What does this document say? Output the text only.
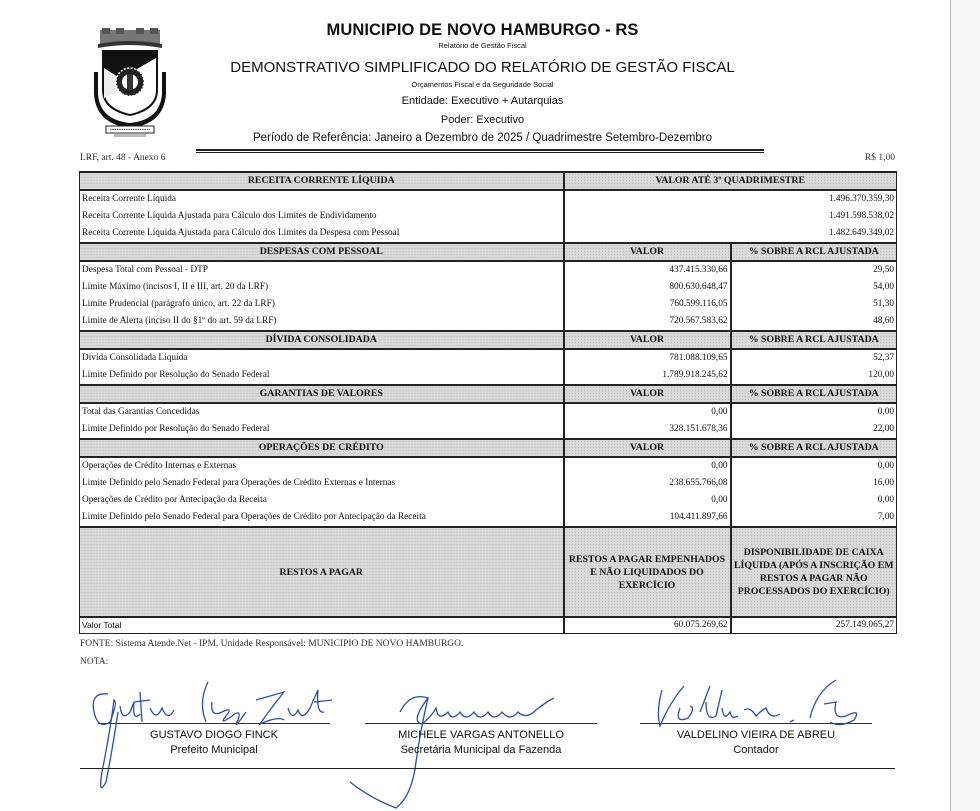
MUNICIPIO DE NOVO HAMBURGO - RS
Relatório de Gestão Fiscal
DEMONSTRATIVO SIMPLIFICADO DO RELATÓRIO DE GESTÃO FISCAL
Orçamentos Fiscal e da Seguridade Social
Entidade: Executivo + Autarquias
Poder: Executivo
Período de Referência: Janeiro a Dezembro de 2025 / Quadrimestre Setembro-Dezembro
LRF, art. 48 - Anexo 6	R$ 1,00
RECEITA CORRENTE LÍQUIDA	VALOR ATÉ 3º QUADRIMESTRE	
Receita Corrente Líquida	1.496.370.359,30	
Receita Corrente Líquida Ajustada para Cálculo dos Limites de Endividamento	1.491.598.538,02	
Receita Corrente Líquida Ajustada para Cálculo dos Limites da Despesa com Pessoal	1.482.649.349,02	
DESPESAS COM PESSOAL	VALOR	% SOBRE A RCL AJUSTADA
Despesa Total com Pessoal - DTP	437.415.330,66	29,50
Limite Máximo (incisos I, II e III, art. 20 da LRF)	800.630.648,47	54,00
Limite Prudencial (parágrafo único, art. 22 da LRF)	760.599.116,05	51,30
Limite de Alerta (inciso II do §1º do art. 59 da LRF)	720.567.583,62	48,60
DÍVIDA CONSOLIDADA	VALOR	% SOBRE A RCL AJUSTADA
Divida Consolidada Liquida	781.088.109,65	52,37
Limite Definido por Resolução do Senado Federal	1.789.918.245,62	120,00
GARANTIAS DE VALORES	VALOR	% SOBRE A RCL AJUSTADA
Total das Garantias Concedidas	0,00	0,00
Limite Definido por Resolução do Senado Federal	328.151.678,36	22,00
OPERAÇÕES DE CRÉDITO	VALOR	% SOBRE A RCL AJUSTADA
Operações de Crédito Internas e Externas	0,00	0,00
Limite Definido pelo Senado Federal para Operações de Crédito Externas e Internas	238.655.766,08	16,00
Operações de Crédito por Antecipação da Receita	0,00	0,00
Limite Definido pelo Senado Federal para Operações de Crédito por Antecipação da Receita	104.411.897,66	7,00
RESTOS A PAGAR	RESTOS A PAGAR EMPENHADOS E NÃO LIQUIDADOS DO EXERCÍCIO	DISPONIBILIDADE DE CAIXA LÍQUIDA (APÓS A INSCRIÇÃO EM RESTOS A PAGAR NÃO PROCESSADOS DO EXERCÍCIO)
Valor Total	60.075.269,62	257.149.065,27
FONTE: Sistema Atende.Net - IPM, Unidade Responsável: MUNICIPIO DE NOVO HAMBURGO.
NOTA:
GUSTAVO DIOGO FINCK
Prefeito Municipal
MICHELE VARGAS ANTONELLO
Secretária Municipal da Fazenda
VALDELINO VIEIRA DE ABREU
Contador
